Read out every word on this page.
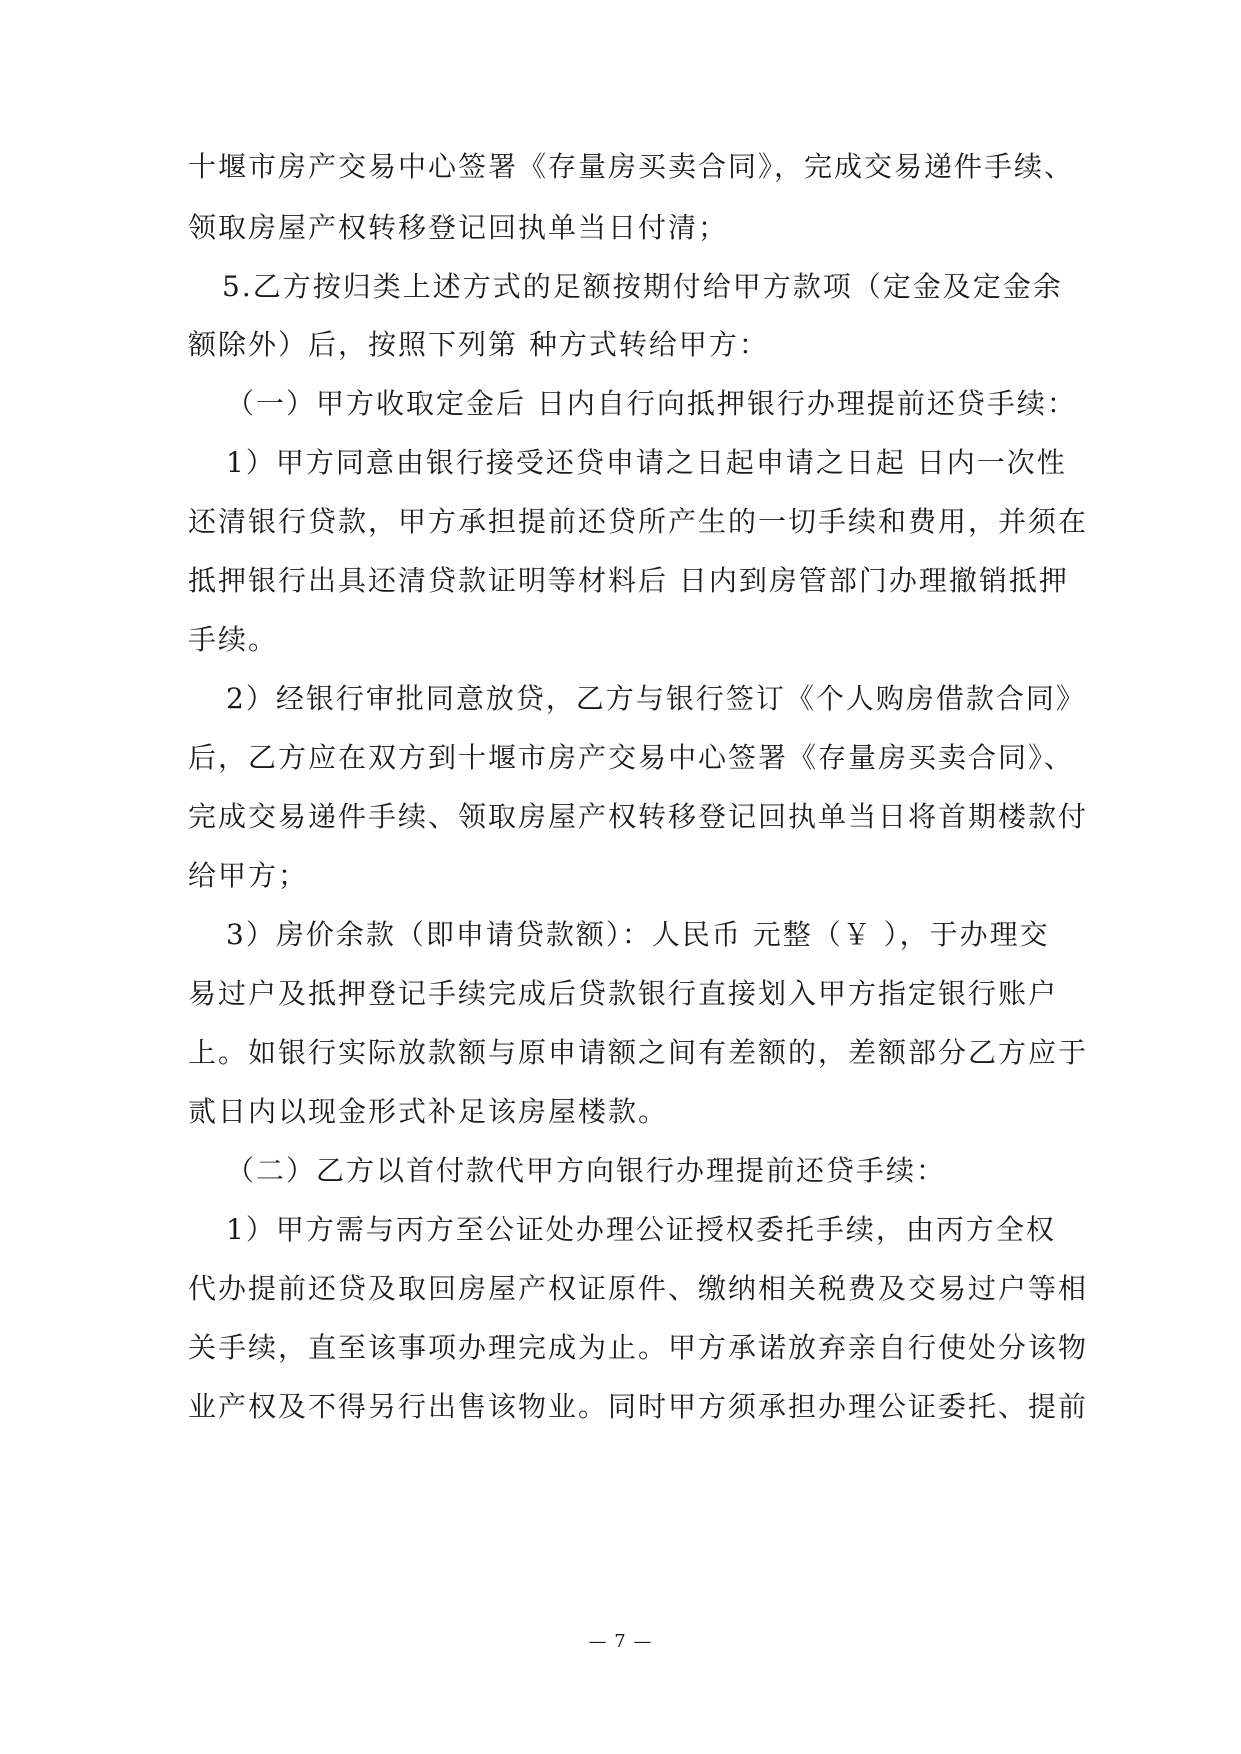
十堰市房产交易中心签署《存量房买卖合同》，完成交易递件手续、
领取房屋产权转移登记回执单当日付清；
5.乙方按归类上述方式的足额按期付给甲方款项（定金及定金余
额除外）后，按照下列第 种方式转给甲方：
（一）甲方收取定金后 日内自行向抵押银行办理提前还贷手续：
1）甲方同意由银行接受还贷申请之日起申请之日起 日内一次性
还清银行贷款，甲方承担提前还贷所产生的一切手续和费用，并须在
抵押银行出具还清贷款证明等材料后 日内到房管部门办理撤销抵押
手续。
2）经银行审批同意放贷，乙方与银行签订《个人购房借款合同》
后，乙方应在双方到十堰市房产交易中心签署《存量房买卖合同》、
完成交易递件手续、领取房屋产权转移登记回执单当日将首期楼款付
给甲方；
3）房价余款（即申请贷款额）：人民币 元整（￥ ），于办理交
易过户及抵押登记手续完成后贷款银行直接划入甲方指定银行账户
上。如银行实际放款额与原申请额之间有差额的，差额部分乙方应于
贰日内以现金形式补足该房屋楼款。
（二）乙方以首付款代甲方向银行办理提前还贷手续：
1）甲方需与丙方至公证处办理公证授权委托手续，由丙方全权
代办提前还贷及取回房屋产权证原件、缴纳相关税费及交易过户等相
关手续，直至该事项办理完成为止。甲方承诺放弃亲自行使处分该物
业产权及不得另行出售该物业。同时甲方须承担办理公证委托、提前
— 7 —
